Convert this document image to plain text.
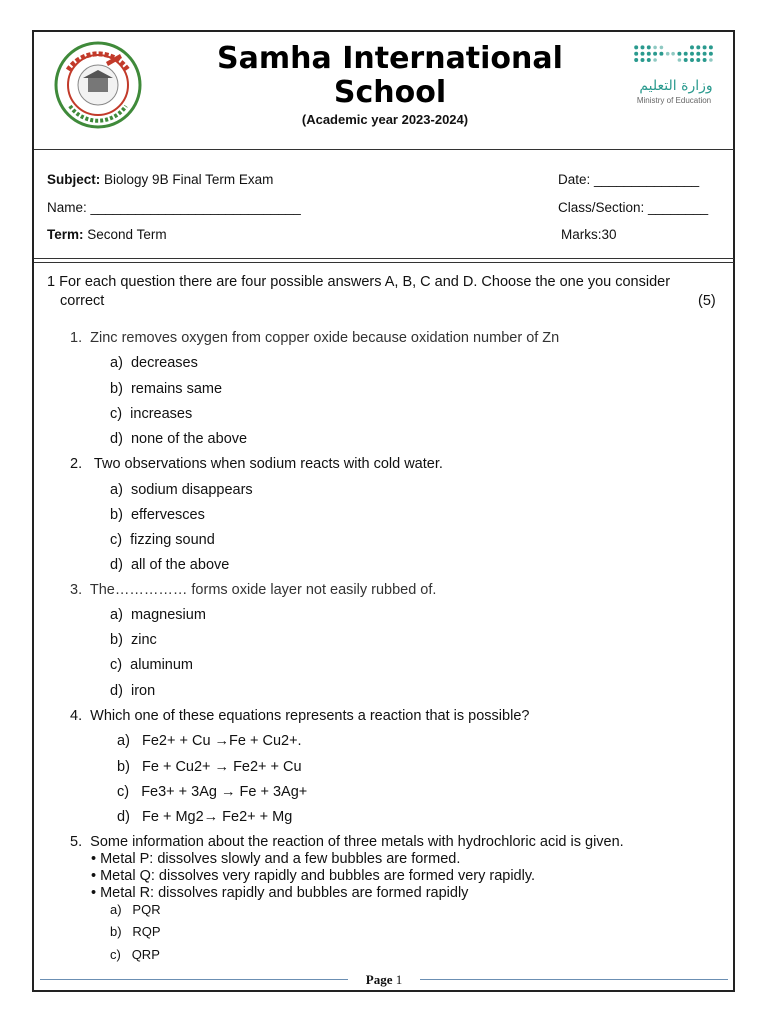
وزارة التعليم
Ministry of Education
Samha International
School
(Academic year 2023-2024)
Subject: Biology 9B Final Term Exam	Date: ______________
Name: ____________________________	Class/Section: ________
Term: Second Term	Marks:30
1 For each question there are four possible answers A, B, C and D. Choose the one you consider
correct	(5)
1. Zinc removes oxygen from copper oxide because oxidation number of Zn
a) decreases
b) remains same
c) increases
d) none of the above
2. Two observations when sodium reacts with cold water.
a) sodium disappears
b) effervesces
c) fizzing sound
d) all of the above
3. The…………… forms oxide layer not easily rubbed of.
a) magnesium
b) zinc
c) aluminum
d) iron
4. Which one of these equations represents a reaction that is possible?
a) Fe2+ + Cu →Fe + Cu2+.
b) Fe + Cu2+ → Fe2+ + Cu
c) Fe3+ + 3Ag → Fe + 3Ag+
d) Fe + Mg2→ Fe2+ + Mg
5. Some information about the reaction of three metals with hydrochloric acid is given.
• Metal P: dissolves slowly and a few bubbles are formed.
• Metal Q: dissolves very rapidly and bubbles are formed very rapidly.
• Metal R: dissolves rapidly and bubbles are formed rapidly
a) PQR
b) RQP
c) QRP
Page 1
